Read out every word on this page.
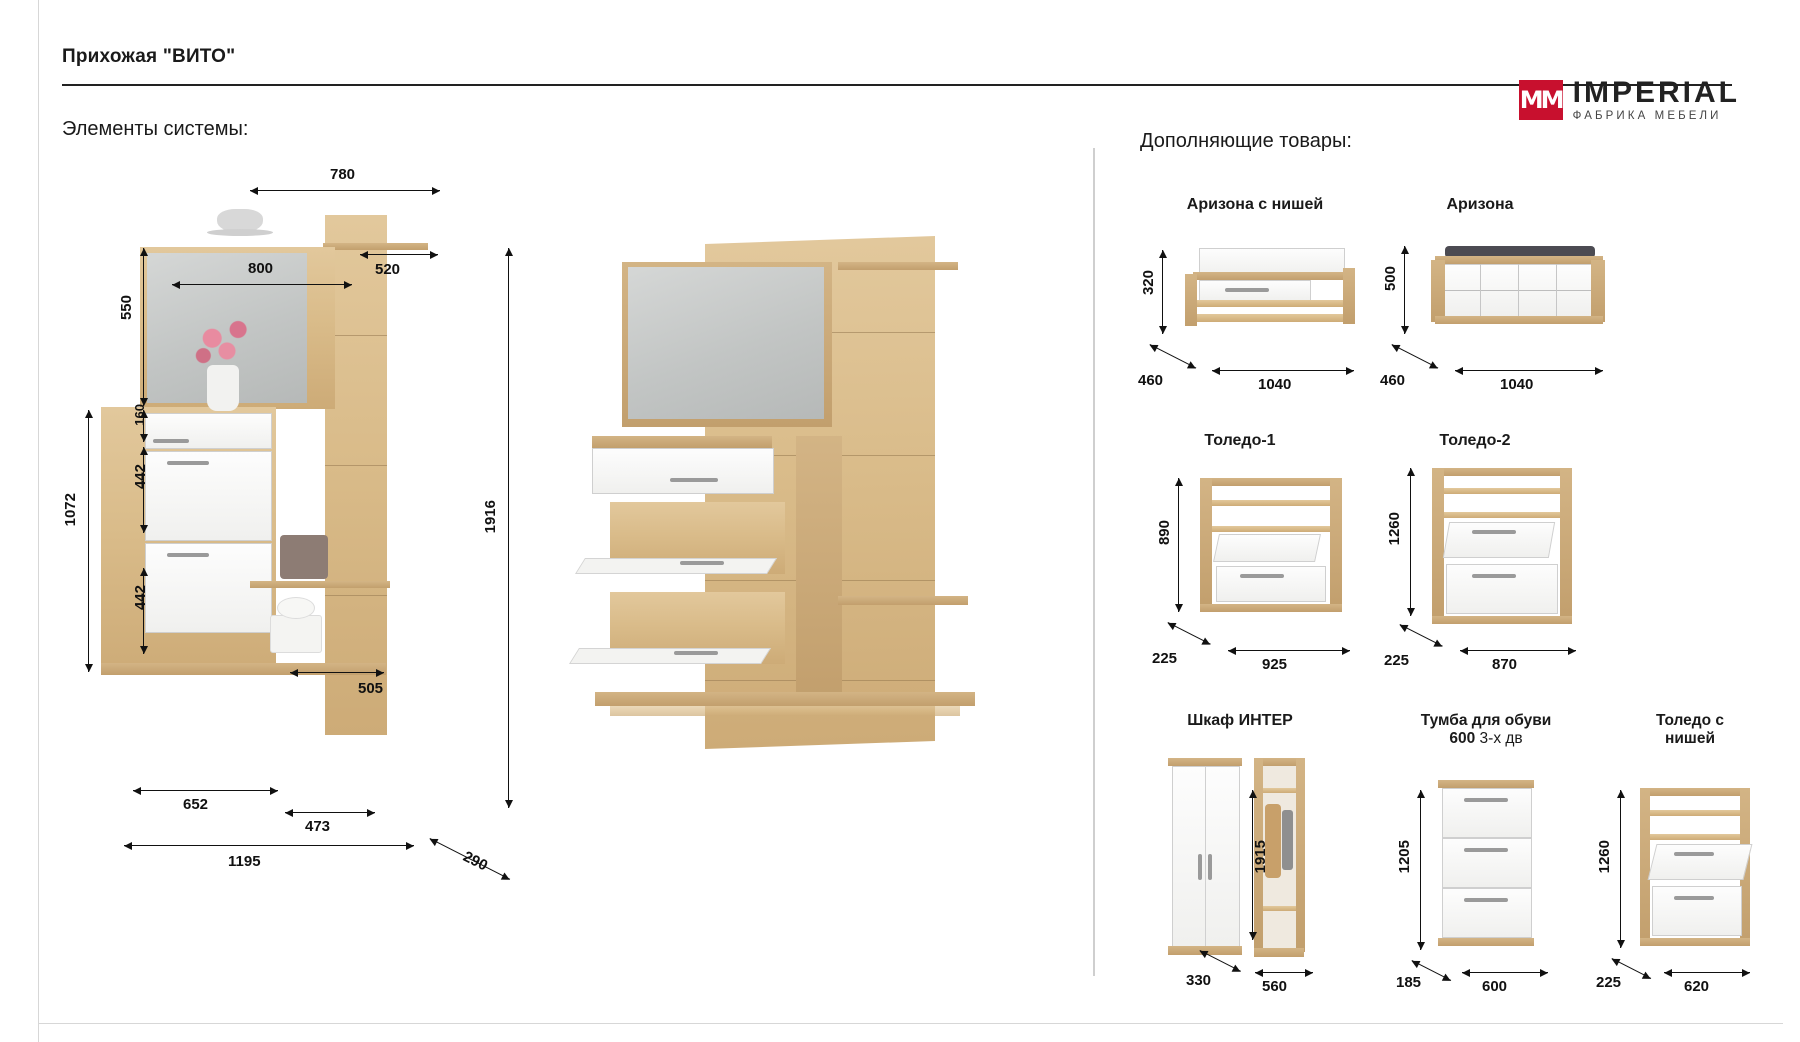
Прихожая "ВИТО"
MM IMPERIAL
ФАБРИКА МЕБЕЛИ
Элементы системы:
Дополняющие товары:
780
800	520
550
160
442
442
1072	1916
505
652
473
1195	290
Аризона с нишей
320
460	1040
Аризона
500
460	1040
Толедо-1
890
225	925
Толедо-2
1260
225	870
Шкаф ИНТЕР
1915
330	560
Тумба для обуви
600 3-х дв
1205
185	600
Толедо с
нишей
1260
225	620
